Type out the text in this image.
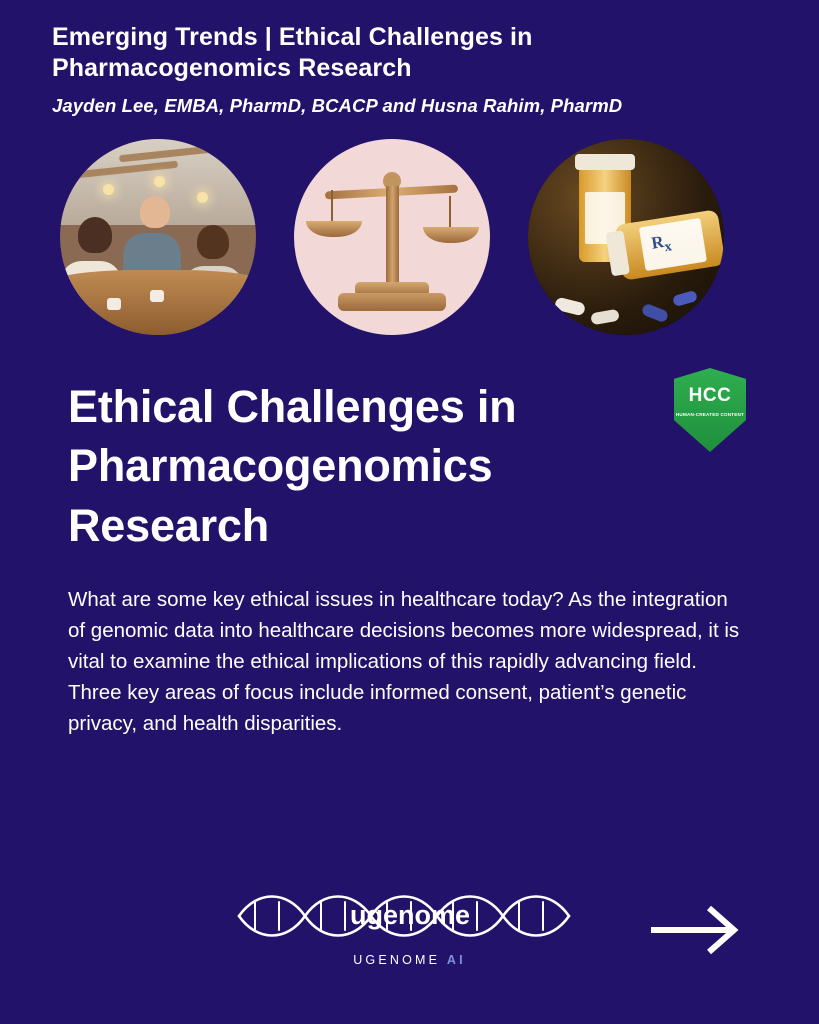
Emerging Trends | Ethical Challenges in Pharmacogenomics Research
Jayden Lee, EMBA, PharmD, BCACP and Husna Rahim, PharmD
$R_x$
HCC
HUMAN-CREATED CONTENT
Ethical Challenges in Pharmacogenomics Research

What are some key ethical issues in healthcare today? As the integration of genomic data into healthcare decisions becomes more widespread, it is vital to examine the ethical implications of this rapidly advancing field. Three key areas of focus include informed consent, patient’s genetic privacy, and health disparities.

ugenome
UGENOME AI
